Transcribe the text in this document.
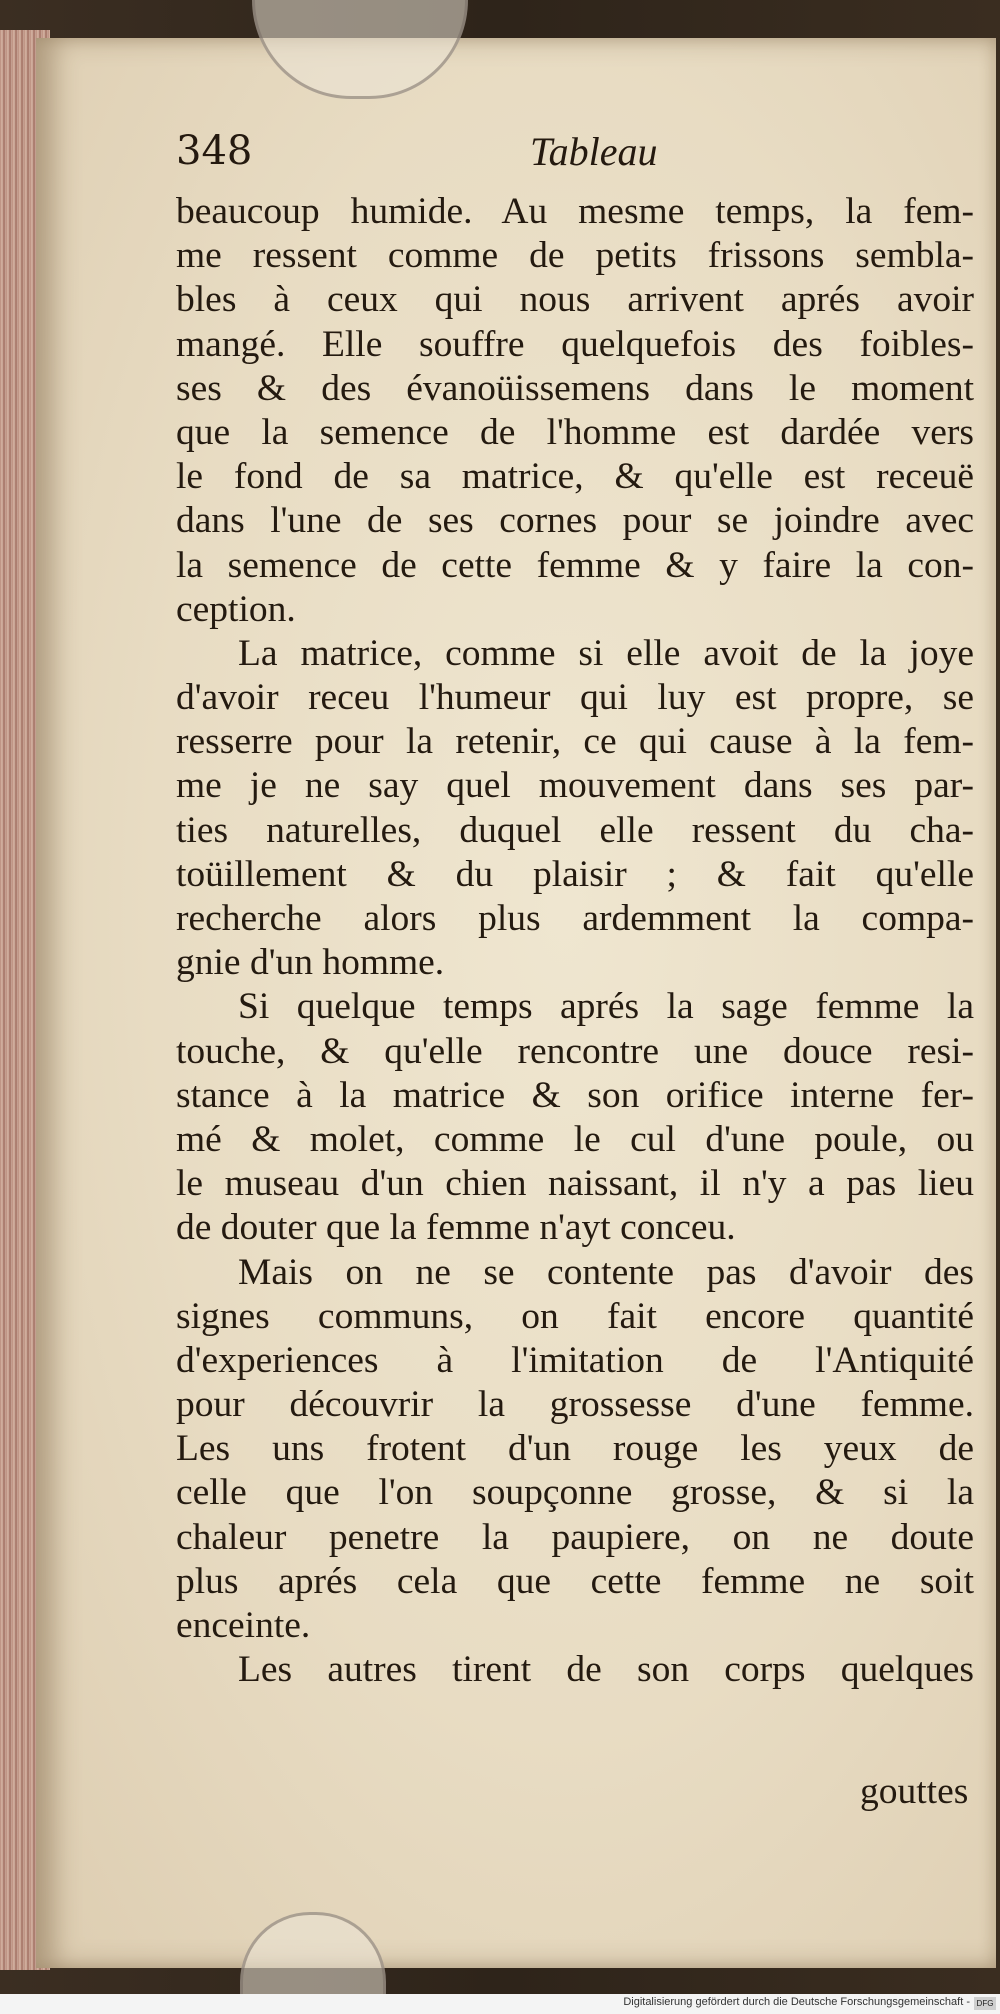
348	Tableau
beaucoup humide. Au mesme temps, la fem-
me ressent comme de petits frissons sembla-
bles à ceux qui nous arrivent aprés avoir
mangé. Elle souffre quelquefois des foibles-
ses & des évanoüissemens dans le moment
que la semence de l'homme est dardée vers
le fond de sa matrice, & qu'elle est receuë
dans l'une de ses cornes pour se joindre avec
la semence de cette femme & y faire la con-
ception.
La matrice, comme si elle avoit de la joye
d'avoir receu l'humeur qui luy est propre, se
resserre pour la retenir, ce qui cause à la fem-
me je ne say quel mouvement dans ses par-
ties naturelles, duquel elle ressent du cha-
toüillement & du plaisir ; & fait qu'elle
recherche alors plus ardemment la compa-
gnie d'un homme.
Si quelque temps aprés la sage femme la
touche, & qu'elle rencontre une douce resi-
stance à la matrice & son orifice interne fer-
mé & molet, comme le cul d'une poule, ou
le museau d'un chien naissant, il n'y a pas lieu
de douter que la femme n'ayt conceu.
Mais on ne se contente pas d'avoir des
signes communs, on fait encore quantité
d'experiences à l'imitation de l'Antiquité
pour découvrir la grossesse d'une femme.
Les uns frotent d'un rouge les yeux de
celle que l'on soupçonne grosse, & si la
chaleur penetre la paupiere, on ne doute
plus aprés cela que cette femme ne soit
enceinte.
Les autres tirent de son corps quelques
gouttes
Digitalisierung gefördert durch die Deutsche Forschungsgemeinschaft - DFG
